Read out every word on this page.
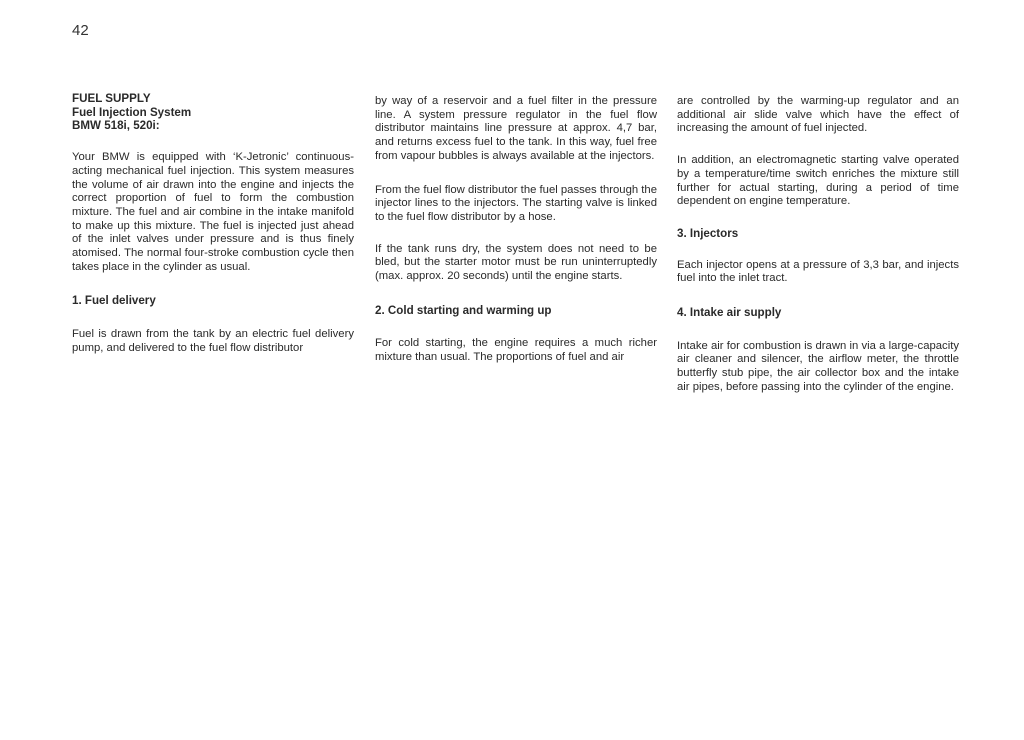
42

FUEL SUPPLY

Fuel Injection System

BMW 518i, 520i:

Your BMW is equipped with ‘K-Jetronic’ continuous-acting mechanical fuel injection. This system measures the volume of air drawn into the engine and injects the correct proportion of fuel to form the combustion mixture. The fuel and air combine in the intake manifold to make up this mixture. The fuel is injected just ahead of the inlet valves under pressure and is thus finely atomised. The normal four-stroke combustion cycle then takes place in the cylinder as usual.

1. Fuel delivery

Fuel is drawn from the tank by an electric fuel delivery pump, and delivered to the fuel flow distributor

by way of a reservoir and a fuel filter in the pressure line. A system pressure regulator in the fuel flow distributor maintains line pressure at approx. 4,7 bar, and returns excess fuel to the tank. In this way, fuel free from vapour bubbles is always available at the injectors.

From the fuel flow distributor the fuel passes through the injector lines to the injectors. The starting valve is linked to the fuel flow distributor by a hose.

If the tank runs dry, the system does not need to be bled, but the starter motor must be run uninterruptedly (max. approx. 20 seconds) until the engine starts.

2. Cold starting and warming up

For cold starting, the engine requires a much richer mixture than usual. The proportions of fuel and air

are controlled by the warming-up regulator and an additional air slide valve which have the effect of increasing the amount of fuel injected.

In addition, an electromagnetic starting valve operated by a temperature/time switch enriches the mixture still further for actual starting, during a period of time dependent on engine temperature.

3. Injectors

Each injector opens at a pressure of 3,3 bar, and injects fuel into the inlet tract.

4. Intake air supply

Intake air for combustion is drawn in via a large-capacity air cleaner and silencer, the airflow meter, the throttle butterfly stub pipe, the air collector box and the intake air pipes, before passing into the cylinder of the engine.
